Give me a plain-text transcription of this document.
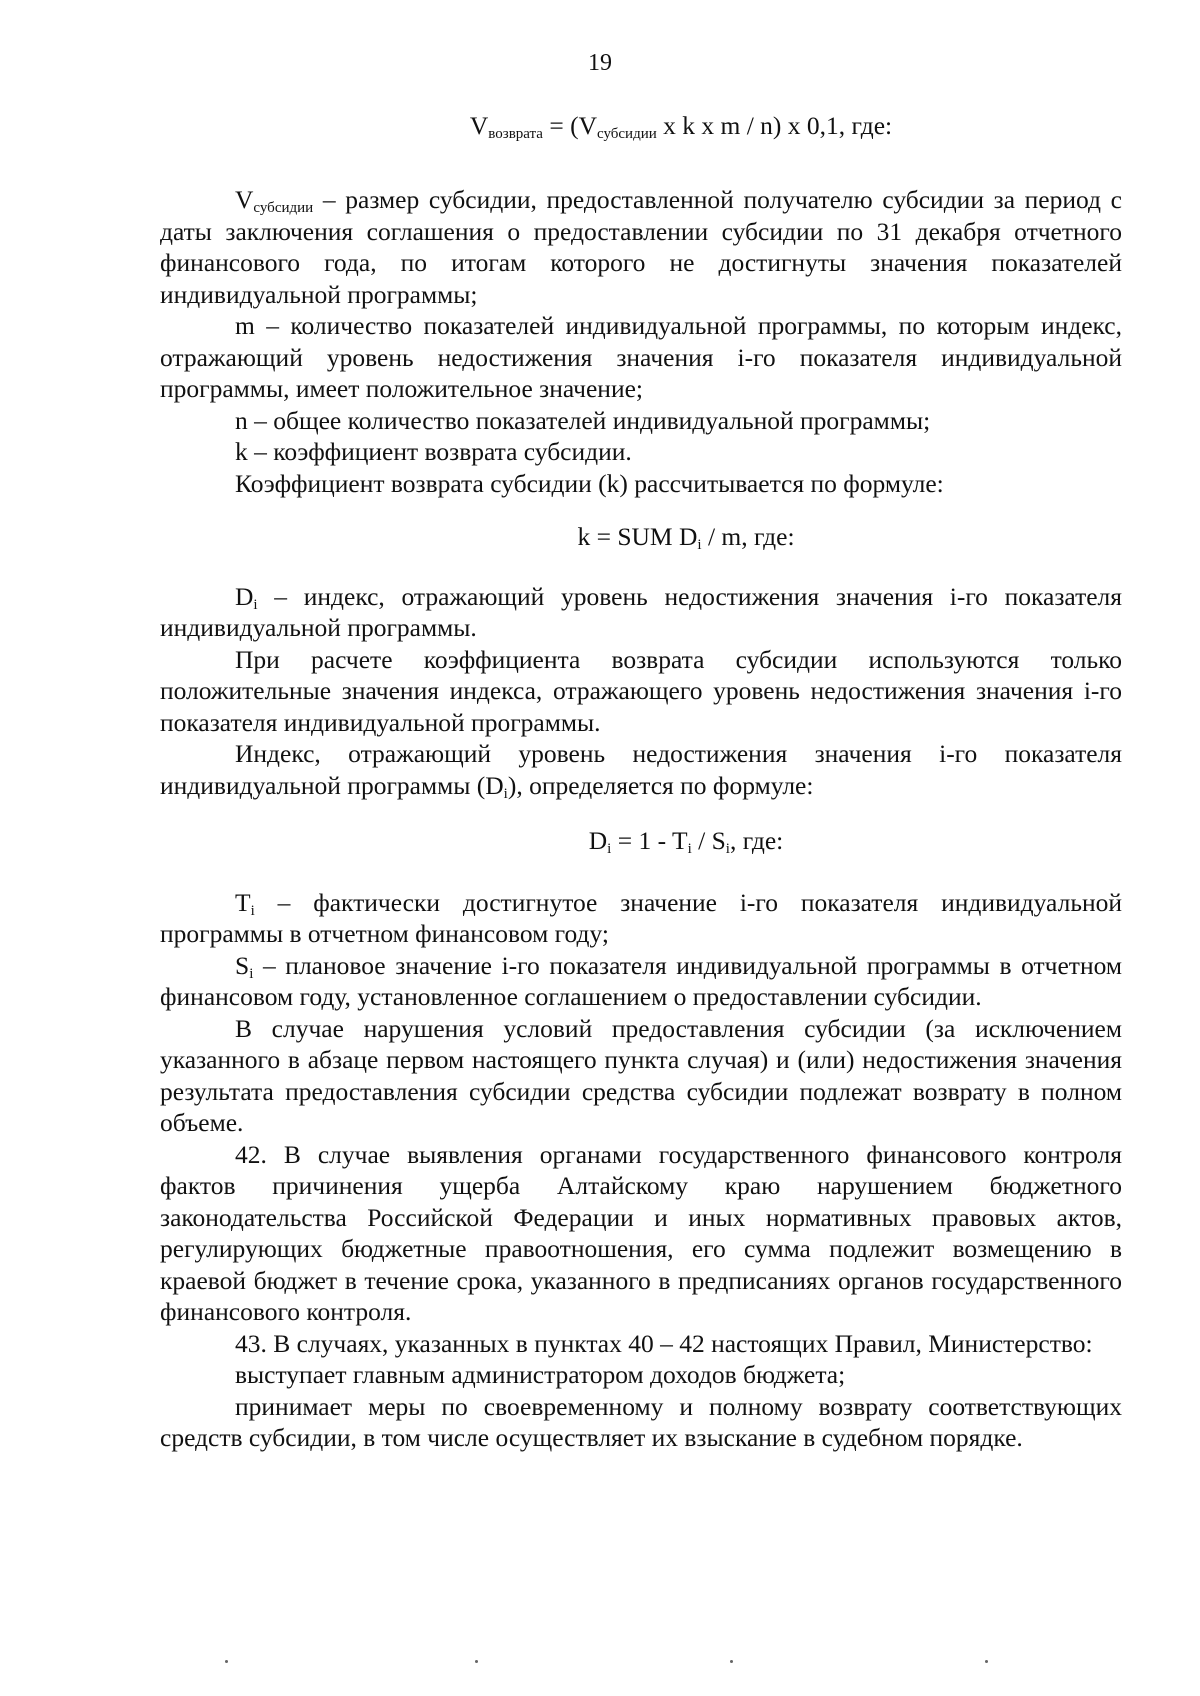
19
$V_{возврата} = (V_{субсидии}$ x k x m / n) x 0,1, где:

$V_{субсидии}$ – размер субсидии, предоставленной получателю субсидии за период с даты заключения соглашения о предоставлении субсидии по 31 декабря отчетного финансового года, по итогам которого не достигнуты значения показателей индивидуальной программы;

m – количество показателей индивидуальной программы, по которым индекс, отражающий уровень недостижения значения i-го показателя индивидуальной программы, имеет положительное значение;

n – общее количество показателей индивидуальной программы;

k – коэффициент возврата субсидии.

Коэффициент возврата субсидии (k) рассчитывается по формуле:

k = SUM $D_i$ / m, где:

$D_i$ – индекс, отражающий уровень недостижения значения i-го показателя индивидуальной программы.

При расчете коэффициента возврата субсидии используются только положительные значения индекса, отражающего уровень недостижения значения i-го показателя индивидуальной программы.

Индекс, отражающий уровень недостижения значения i-го показателя индивидуальной программы $(D_i)$, определяется по формуле:

$D_i = 1 - T_i / S_i$, где:

$T_i$ – фактически достигнутое значение i-го показателя индивидуальной программы в отчетном финансовом году;

$S_i$ – плановое значение i-го показателя индивидуальной программы в отчетном финансовом году, установленное соглашением о предоставлении субсидии.

В случае нарушения условий предоставления субсидии (за исключением указанного в абзаце первом настоящего пункта случая) и (или) недостижения значения результата предоставления субсидии средства субсидии подлежат возврату в полном объеме.

42. В случае выявления органами государственного финансового контроля фактов причинения ущерба Алтайскому краю нарушением бюджетного законодательства Российской Федерации и иных нормативных правовых актов, регулирующих бюджетные правоотношения, его сумма подлежит возмещению в краевой бюджет в течение срока, указанного в предписаниях органов государственного финансового контроля.

43. В случаях, указанных в пунктах 40 – 42 настоящих Правил, Министерство:

выступает главным администратором доходов бюджета;

принимает меры по своевременному и полному возврату соответствующих средств субсидии, в том числе осуществляет их взыскание в судебном порядке.
